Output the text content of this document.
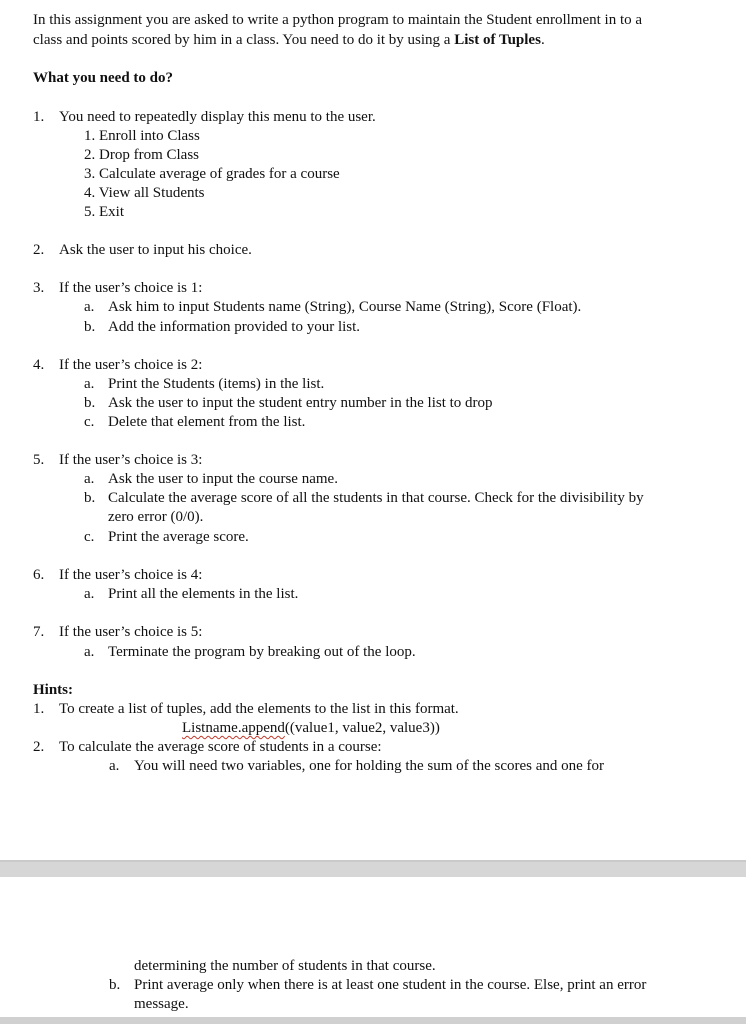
In this assignment you are asked to write a python program to maintain the Student enrollment in to a
class and points scored by him in a class. You need to do it by using a List of Tuples.
What you need to do?
1. You need to repeatedly display this menu to the user.
1. Enroll into Class
2. Drop from Class
3. Calculate average of grades for a course
4. View all Students
5. Exit
2. Ask the user to input his choice.
3. If the user’s choice is 1:
a. Ask him to input Students name (String), Course Name (String), Score (Float).
b. Add the information provided to your list.
4. If the user’s choice is 2:
a. Print the Students (items) in the list.
b. Ask the user to input the student entry number in the list to drop
c. Delete that element from the list.
5. If the user’s choice is 3:
a. Ask the user to input the course name.
b. Calculate the average score of all the students in that course. Check for the divisibility by
zero error (0/0).
c. Print the average score.
6. If the user’s choice is 4:
a. Print all the elements in the list.
7. If the user’s choice is 5:
a. Terminate the program by breaking out of the loop.
Hints:
1. To create a list of tuples, add the elements to the list in this format.
Listname.append((value1, value2, value3))
2. To calculate the average score of students in a course:
a. You will need two variables, one for holding the sum of the scores and one for
determining the number of students in that course.
b. Print average only when there is at least one student in the course. Else, print an error
message.
